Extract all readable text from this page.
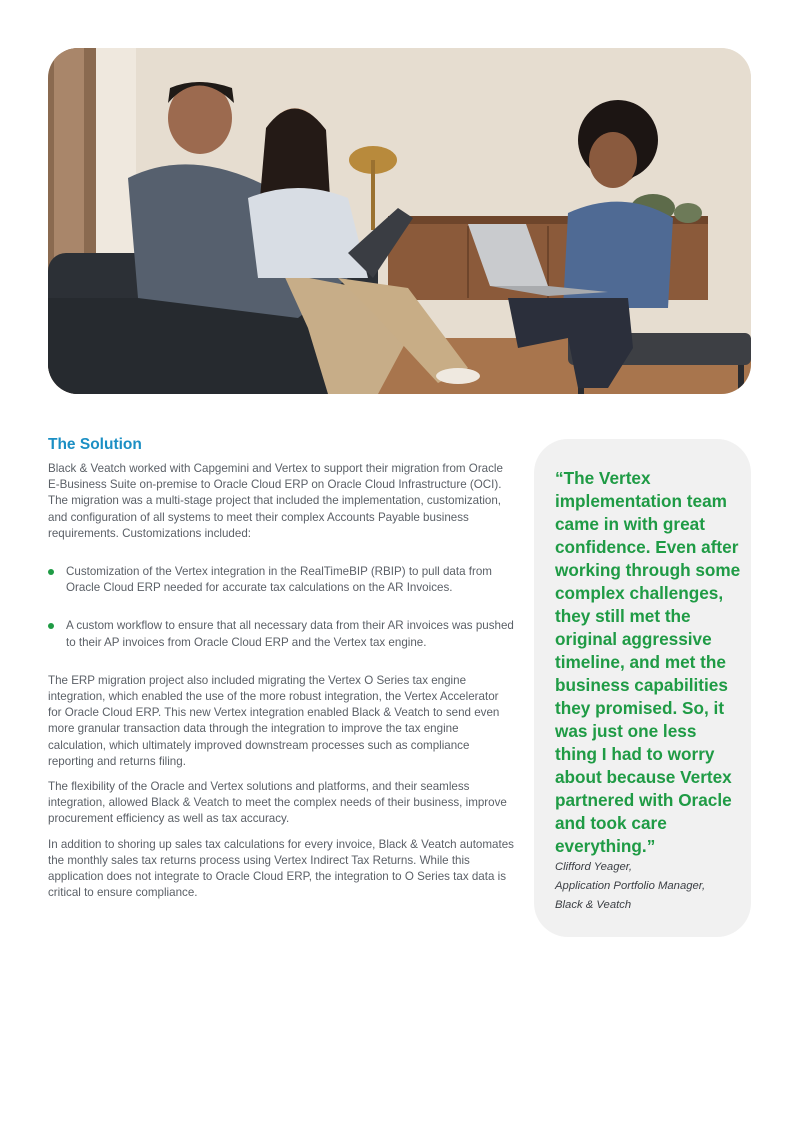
The Solution

Black & Veatch worked with Capgemini and Vertex to support their migration from Oracle E-Business Suite on-premise to Oracle Cloud ERP on Oracle Cloud Infrastructure (OCI). The migration was a multi-stage project that included the implementation, customization, and configuration of all systems to meet their complex Accounts Payable business requirements. Customizations included:

Customization of the Vertex integration in the RealTimeBIP (RBIP) to pull data from Oracle Cloud ERP needed for accurate tax calculations on the AR Invoices.
A custom workflow to ensure that all necessary data from their AR invoices was pushed to their AP invoices from Oracle Cloud ERP and the Vertex tax engine.

The ERP migration project also included migrating the Vertex O Series tax engine integration, which enabled the use of the more robust integration, the Vertex Accelerator for Oracle Cloud ERP. This new Vertex integration enabled Black & Veatch to send even more granular transaction data through the integration to improve the tax engine calculation, which ultimately improved downstream processes such as compliance reporting and returns filing.

The flexibility of the Oracle and Vertex solutions and platforms, and their seamless integration, allowed Black & Veatch to meet the complex needs of their business, improve procurement efficiency as well as tax accuracy.

In addition to shoring up sales tax calculations for every invoice, Black & Veatch automates the monthly sales tax returns process using Vertex Indirect Tax Returns. While this application does not integrate to Oracle Cloud ERP, the integration to O Series tax data is critical to ensure compliance.

“The Vertex implementation team came in with great confidence. Even after working through some complex challenges, they still met the original aggressive timeline, and met the business capabilities they promised. So, it was just one less thing I had to worry about because Vertex partnered with Oracle and took care everything.”
Clifford Yeager,
Application Portfolio Manager,
Black & Veatch
